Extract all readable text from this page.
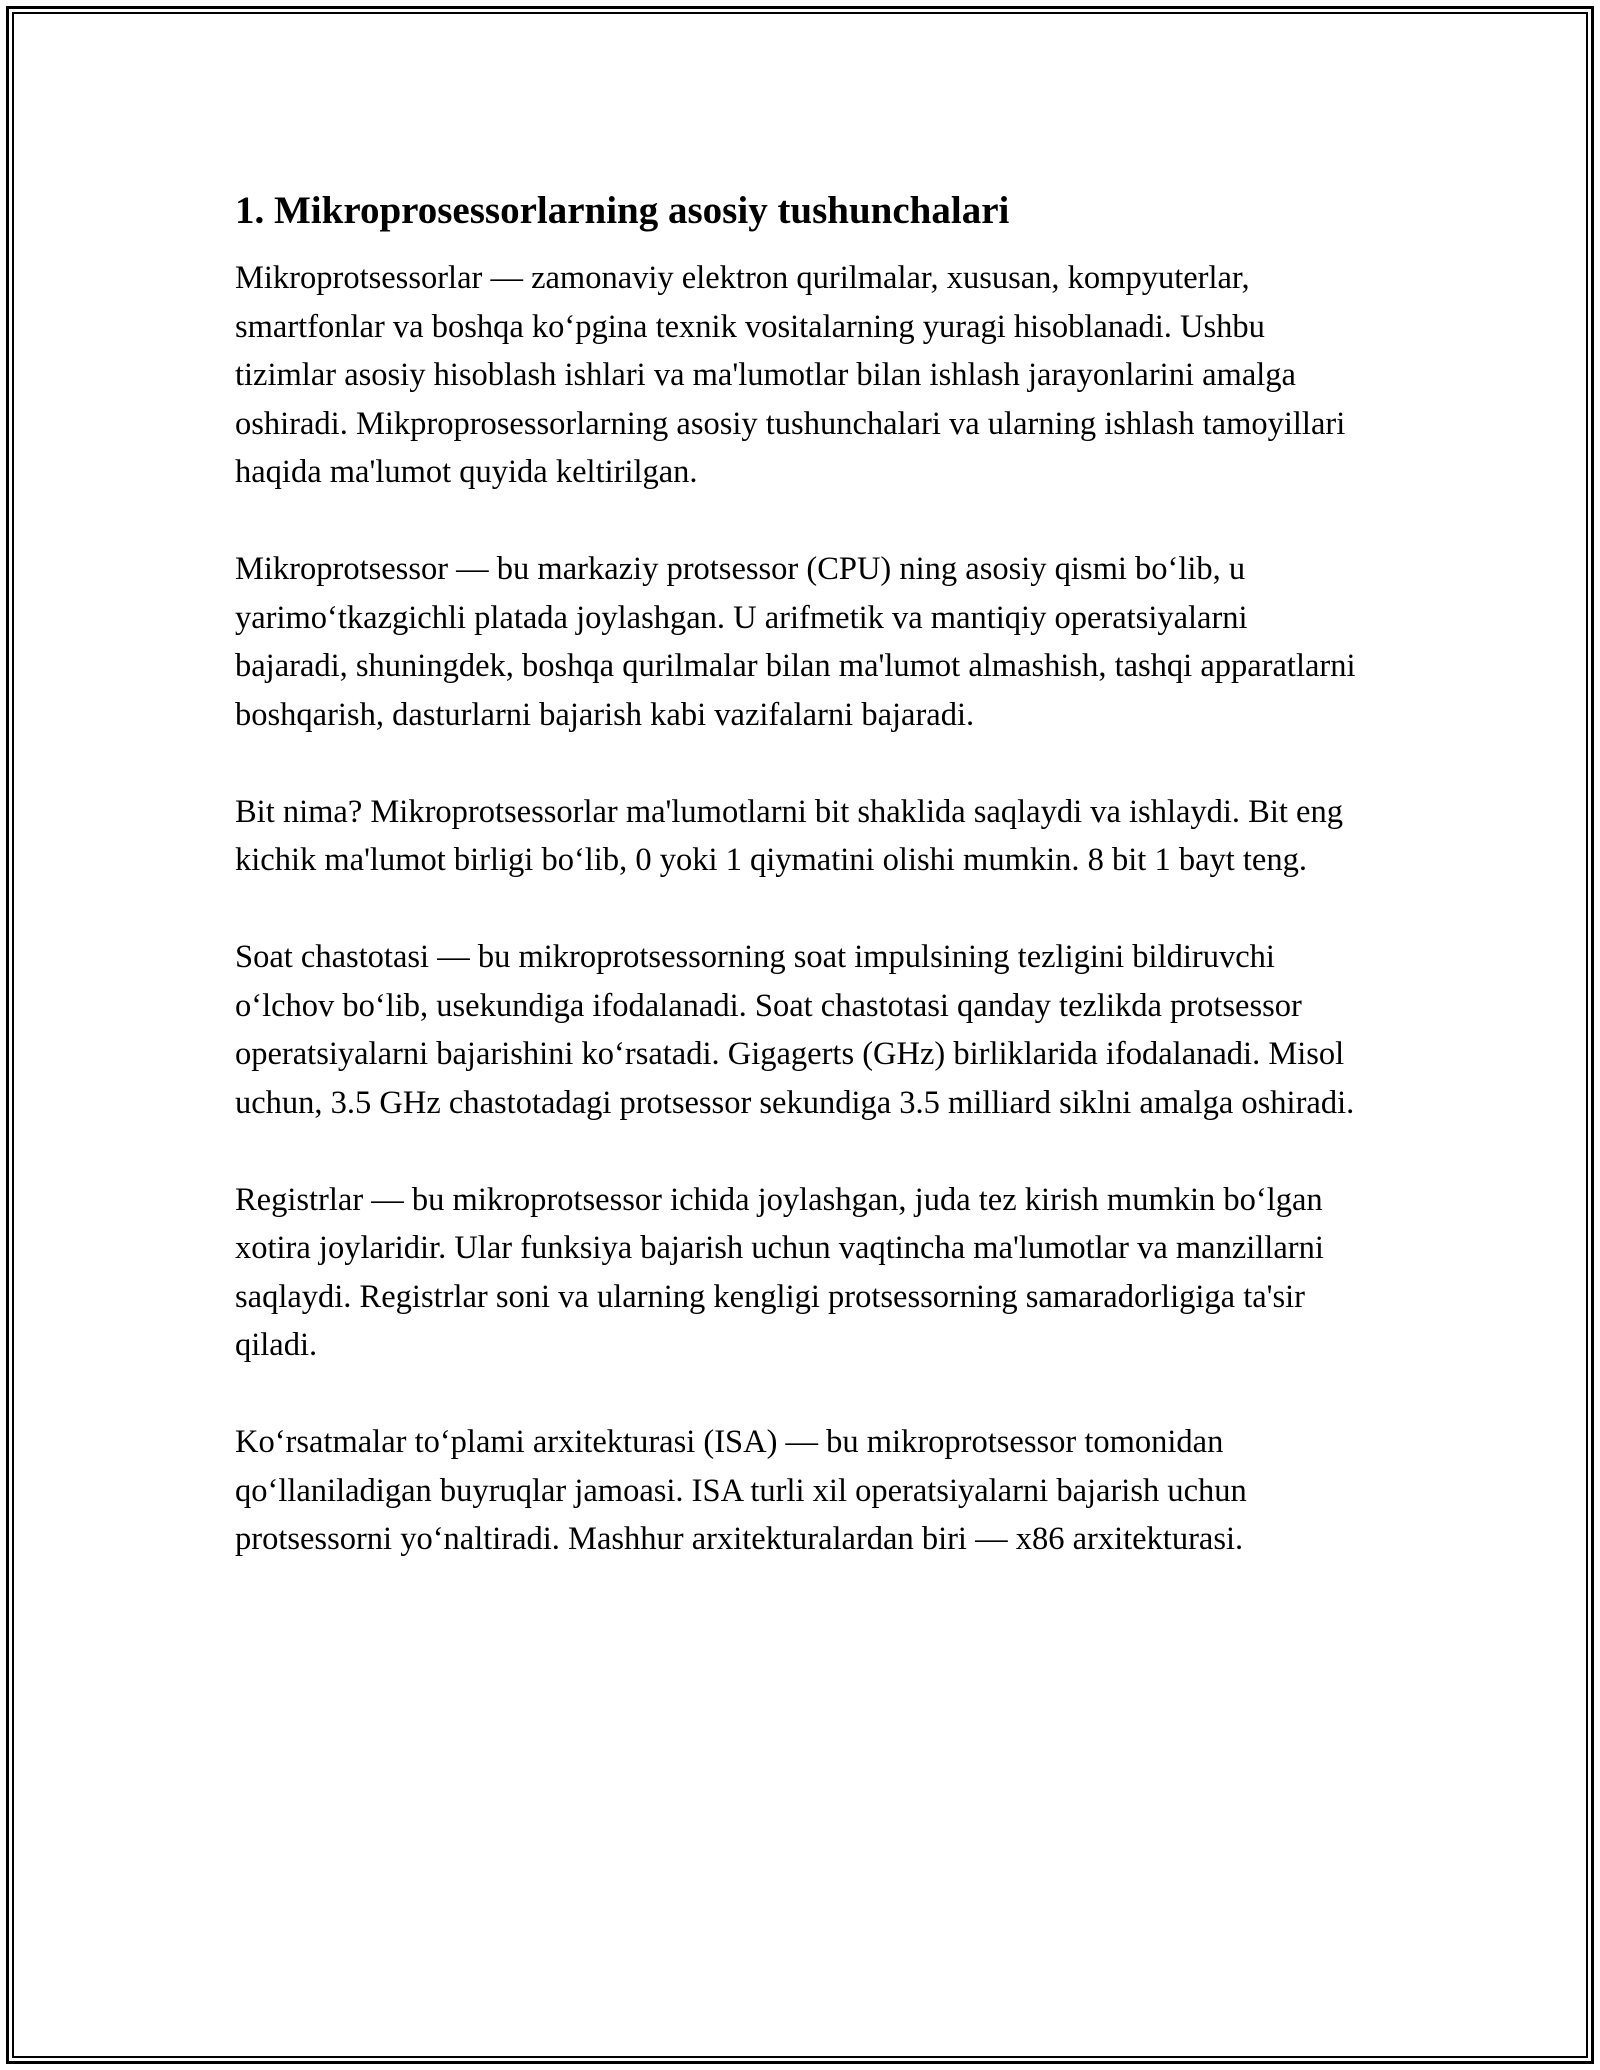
1. Mikroprosessorlarning asosiy tushunchalari

Mikroprotsessorlar — zamonaviy elektron qurilmalar, xususan, kompyuterlar, smartfonlar va boshqa koʻpgina texnik vositalarning yuragi hisoblanadi. Ushbu tizimlar asosiy hisoblash ishlari va ma'lumotlar bilan ishlash jarayonlarini amalga oshiradi. Mikproprosessorlarning asosiy tushunchalari va ularning ishlash tamoyillari haqida ma'lumot quyida keltirilgan.

Mikroprotsessor — bu markaziy protsessor (CPU) ning asosiy qismi boʻlib, u yarimoʻtkazgichli platada joylashgan. U arifmetik va mantiqiy operatsiyalarni bajaradi, shuningdek, boshqa qurilmalar bilan ma'lumot almashish, tashqi apparatlarni boshqarish, dasturlarni bajarish kabi vazifalarni bajaradi.

Bit nima? Mikroprotsessorlar ma'lumotlarni bit shaklida saqlaydi va ishlaydi. Bit eng kichik ma'lumot birligi boʻlib, 0 yoki 1 qiymatini olishi mumkin. 8 bit 1 bayt teng.

Soat chastotasi — bu mikroprotsessorning soat impulsining tezligini bildiruvchi oʻlchov boʻlib, usekundiga ifodalanadi. Soat chastotasi qanday tezlikda protsessor operatsiyalarni bajarishini koʻrsatadi. Gigagerts (GHz) birliklarida ifodalanadi. Misol uchun, 3.5 GHz chastotadagi protsessor sekundiga 3.5 milliard siklni amalga oshiradi.

Registrlar — bu mikroprotsessor ichida joylashgan, juda tez kirish mumkin boʻlgan xotira joylaridir. Ular funksiya bajarish uchun vaqtincha ma'lumotlar va manzillarni saqlaydi. Registrlar soni va ularning kengligi protsessorning samaradorligiga ta'sir qiladi.

Koʻrsatmalar toʻplami arxitekturasi (ISA) — bu mikroprotsessor tomonidan qoʻllaniladigan buyruqlar jamoasi. ISA turli xil operatsiyalarni bajarish uchun protsessorni yoʻnaltiradi. Mashhur arxitekturalardan biri — x86 arxitekturasi.
